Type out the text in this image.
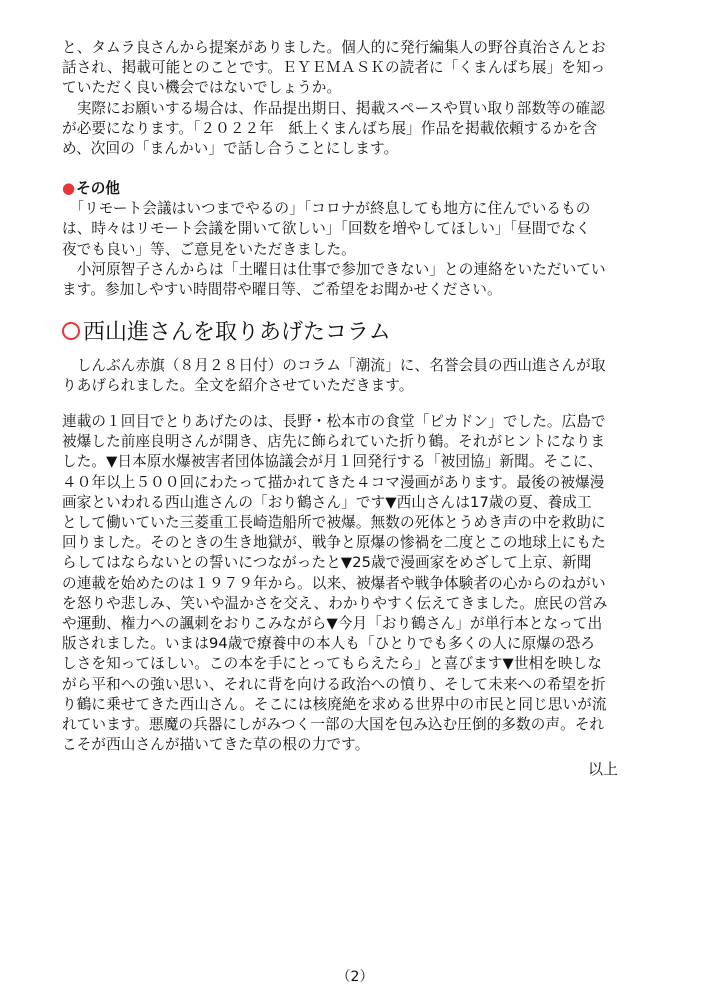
と、タムラ良さんから提案がありました。個人的に発行編集人の野谷真治さんとお
話され、掲載可能とのことです。ＥＹＥＭＡＳＫの読者に「くまんばち展」を知っ
ていただく良い機会ではないでしょうか。
　実際にお願いする場合は、作品提出期日、掲載スペースや買い取り部数等の確認
が必要になります。「２０２２年　紙上くまんばち展」作品を掲載依頼するかを含
め、次回の「まんかい」で話し合うことにします。
●その他
　「リモート会議はいつまでやるの」「コロナが終息しても地方に住んでいるもの
は、時々はリモート会議を開いて欲しい」「回数を増やしてほしい」「昼間でなく
夜でも良い」等、ご意見をいただきました。
　小河原智子さんからは「土曜日は仕事で参加できない」との連絡をいただいてい
ます。参加しやすい時間帯や曜日等、ご希望をお聞かせください。
西山進さんを取りあげたコラム
　しんぶん赤旗（８月２８日付）のコラム「潮流」に、名誉会員の西山進さんが取
りあげられました。全文を紹介させていただきます。
連載の１回目でとりあげたのは、長野・松本市の食堂「ピカドン」でした。広島で
被爆した前座良明さんが開き、店先に飾られていた折り鶴。それがヒントになりま
した。▼日本原水爆被害者団体協議会が月１回発行する「被団協」新聞。そこに、
４０年以上５００回にわたって描かれてきた４コマ漫画があります。最後の被爆漫
画家といわれる西山進さんの「おり鶴さん」です▼西山さんは17歳の夏、養成工
として働いていた三菱重工長崎造船所で被爆。無数の死体とうめき声の中を救助に
回りました。そのときの生き地獄が、戦争と原爆の惨禍を二度とこの地球上にもた
らしてはならないとの誓いにつながったと▼25歳で漫画家をめざして上京、新聞
の連載を始めたのは１９７９年から。以来、被爆者や戦争体験者の心からのねがい
を怒りや悲しみ、笑いや温かさを交え、わかりやすく伝えてきました。庶民の営み
や運動、権力への諷刺をおりこみながら▼今月「おり鶴さん」が単行本となって出
版されました。いまは94歳で療養中の本人も「ひとりでも多くの人に原爆の恐ろ
しさを知ってほしい。この本を手にとってもらえたら」と喜びます▼世相を映しな
がら平和への強い思い、それに背を向ける政治への憤り、そして未来への希望を折
り鶴に乗せてきた西山さん。そこには核廃絶を求める世界中の市民と同じ思いが流
れています。悪魔の兵器にしがみつく一部の大国を包み込む圧倒的多数の声。それ
こそが西山さんが描いてきた草の根の力です。
以上
（2）
